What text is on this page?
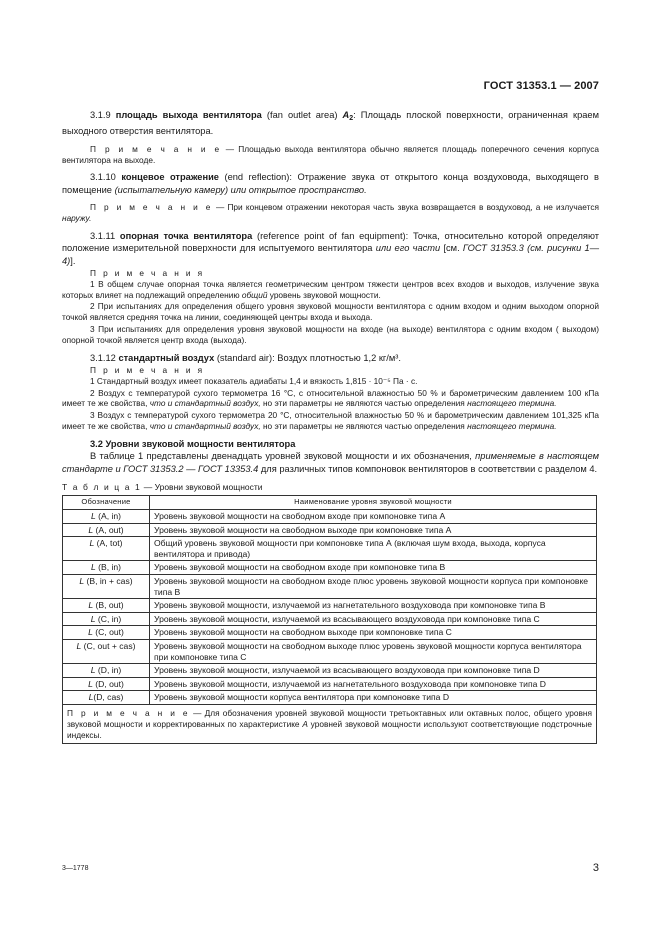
ГОСТ 31353.1 — 2007

3.1.9 площадь выхода вентилятора (fan outlet area) $A_2$: Площадь плоской поверхности, ограниченная краем выходного отверстия вентилятора.

П р и м е ч а н и е — Площадью выхода вентилятора обычно является площадь поперечного сечения корпуса вентилятора на выходе.

3.1.10 концевое отражение (end reflection): Отражение звука от открытого конца воздуховода, выходящего в помещение (испытательную камеру) или открытое пространство.

П р и м е ч а н и е — При концевом отражении некоторая часть звука возвращается в воздуховод, а не излучается наружу.

3.1.11 опорная точка вентилятора (reference point of fan equipment): Точка, относительно которой определяют положение измерительной поверхности для испытуемого вентилятора или его части [см. ГОСТ 31353.3 (см. рисунки 1—4)].

П р и м е ч а н и я

1 В общем случае опорная точка является геометрическим центром тяжести центров всех входов и выходов, излучение звука которых влияет на подлежащий определению общий уровень звуковой мощности.

2 При испытаниях для определения общего уровня звуковой мощности вентилятора с одним входом и одним выходом опорной точкой является средняя точка на линии, соединяющей центры входа и выхода.

3 При испытаниях для определения уровня звуковой мощности на входе (на выходе) вентилятора с одним входом ( выходом) опорной точкой является центр входа (выхода).

3.1.12 стандартный воздух (standard air): Воздух плотностью 1,2 кг/м³.

П р и м е ч а н и я

1 Стандартный воздух имеет показатель адиабаты 1,4 и вязкость 1,815 · 10⁻⁵ Па · с.

2 Воздух с температурой сухого термометра 16 °С, с относительной влажностью 50 % и барометрическим давлением 100 кПа имеет те же свойства, что и стандартный воздух, но эти параметры не являются частью определения настоящего термина.

3 Воздух с температурой сухого термометра 20 °С, относительной влажностью 50 % и барометрическим давлением 101,325 кПа имеет те же свойства, что и стандартный воздух, но эти параметры не являются частью определения настоящего термина.

3.2 Уровни звуковой мощности вентилятора

В таблице 1 представлены двенадцать уровней звуковой мощности и их обозначения, применяемые в настоящем стандарте и ГОСТ 31353.2 — ГОСТ 13353.4 для различных типов компоновок вентиляторов в соответствии с разделом 4.

Т а б л и ц а 1 — Уровни звуковой мощности
Обозначение	Наименование уровня звуковой мощности
L (A, in)	Уровень звуковой мощности на свободном входе при компоновке типа А
L (A, out)	Уровень звуковой мощности на свободном выходе при компоновке типа А
L (A, tot)	Общий уровень звуковой мощности при компоновке типа А (включая шум входа, выхода, корпуса вентилятора и привода)
L (B, in)	Уровень звуковой мощности на свободном входе при компоновке типа В
L (B, in + cas)	Уровень звуковой мощности на свободном входе плюс уровень звуковой мощности корпуса при компоновке типа В
L (B, out)	Уровень звуковой мощности, излучаемой из нагнетательного воздуховода при компоновке типа В
L (C, in)	Уровень звуковой мощности, излучаемой из всасывающего воздуховода при компоновке типа С
L (C, out)	Уровень звуковой мощности на свободном выходе при компоновке типа С
L (C, out + cas)	Уровень звуковой мощности на свободном выходе плюс уровень звуковой мощности корпуса вентилятора при компоновке типа С
L (D, in)	Уровень звуковой мощности, излучаемой из всасывающего воздуховода при компоновке типа D
L (D, out)	Уровень звуковой мощности, излучаемой из нагнетательного воздуховода при компоновке типа D
L(D, cas)	Уровень звуковой мощности корпуса вентилятора при компоновке типа D
П р и м е ч а н и е — Для обозначения уровней звуковой мощности третьоктавных или октавных полос, общего уровня звуковой мощности и корректированных по характеристике А уровней звуковой мощности используют соответствующие подстрочные индексы.	
3—1778	3
